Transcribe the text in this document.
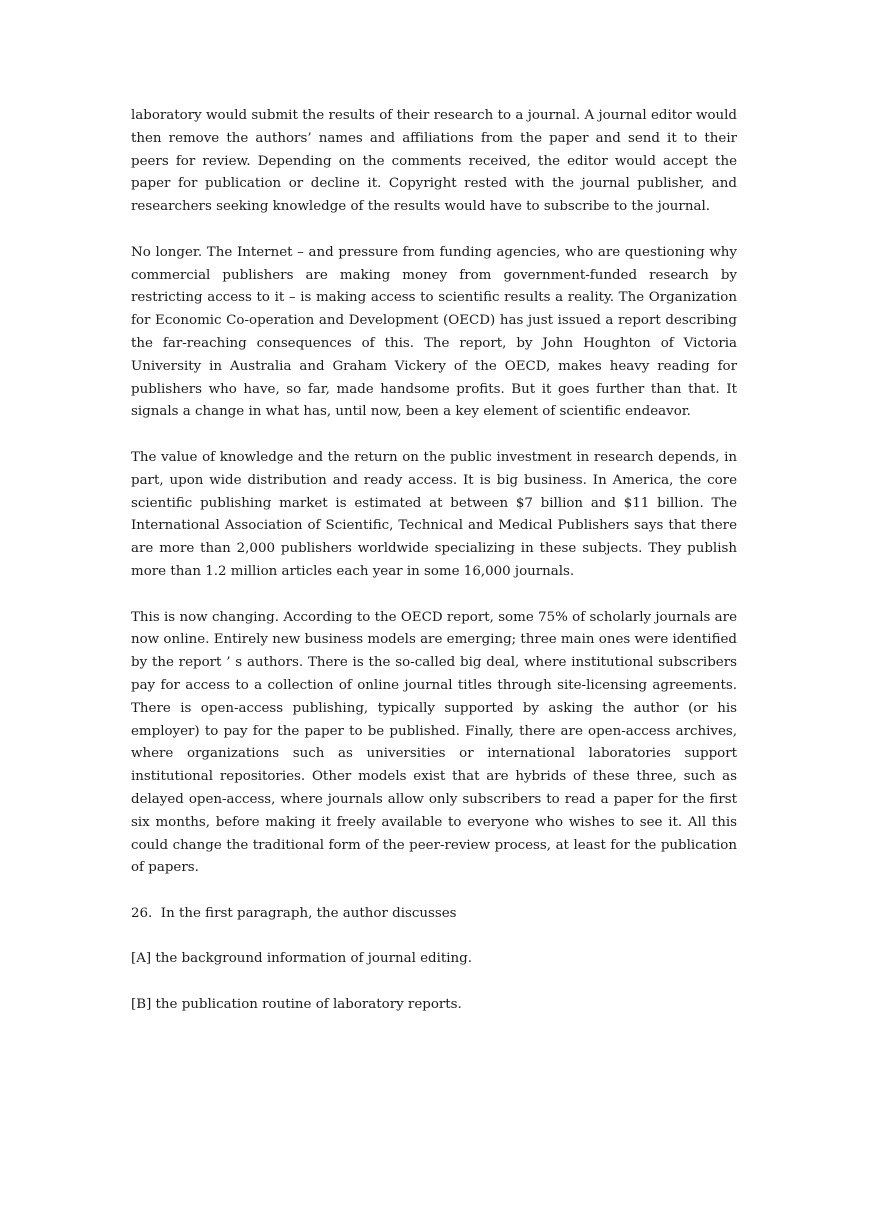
laboratory would submit the results of their research to a journal. A journal editor would then remove the authors’ names and affiliations from the paper and send it to their peers for review. Depending on the comments received, the editor would accept the paper for publication or decline it. Copyright rested with the journal publisher, and researchers seeking knowledge of the results would have to subscribe to the journal.

No longer. The Internet – and pressure from funding agencies, who are questioning why commercial publishers are making money from government-funded research by restricting access to it – is making access to scientific results a reality. The Organization for Economic Co-operation and Development (OECD) has just issued a report describing the far-reaching consequences of this. The report, by John Houghton of Victoria University in Australia and Graham Vickery of the OECD, makes heavy reading for publishers who have, so far, made handsome profits. But it goes further than that. It signals a change in what has, until now, been a key element of scientific endeavor.

The value of knowledge and the return on the public investment in research depends, in part, upon wide distribution and ready access. It is big business. In America, the core scientific publishing market is estimated at between $7 billion and $11 billion. The International Association of Scientific, Technical and Medical Publishers says that there are more than 2,000 publishers worldwide specializing in these subjects. They publish more than 1.2 million articles each year in some 16,000 journals.

This is now changing. According to the OECD report, some 75% of scholarly journals are now online. Entirely new business models are emerging; three main ones were identified by the report ’ s authors. There is the so-called big deal, where institutional subscribers pay for access to a collection of online journal titles through site-licensing agreements. There is open-access publishing, typically supported by asking the author (or his employer) to pay for the paper to be published. Finally, there are open-access archives, where organizations such as universities or international laboratories support institutional repositories. Other models exist that are hybrids of these three, such as delayed open-access, where journals allow only subscribers to read a paper for the first six months, before making it freely available to everyone who wishes to see it. All this could change the traditional form of the peer-review process, at least for the publication of papers.

26.  In the first paragraph, the author discusses

[A] the background information of journal editing.

[B] the publication routine of laboratory reports.
